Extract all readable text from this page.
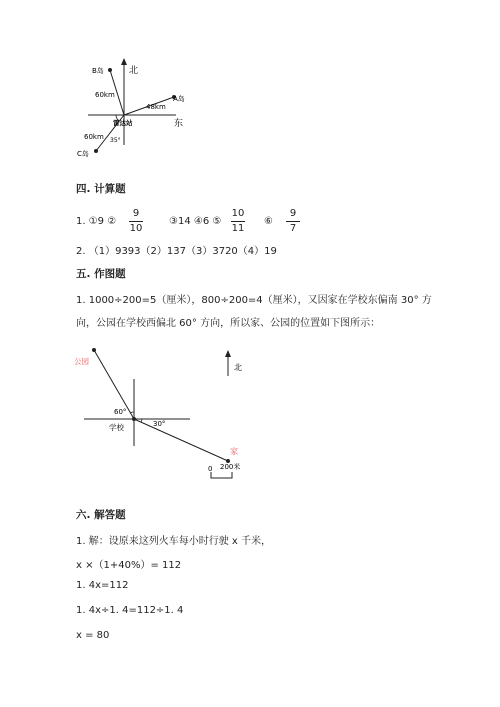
北
东
B岛
A岛
C岛
60km
48km
60km
雷达站
35°
四. 计算题
1. ①9 ②
9
10
③14 ④6 ⑤
10
11
⑥
9
7
2. （1）9393（2）137（3）3720（4）19
五. 作图题
1. 1000÷200=5（厘米），800÷200=4（厘米），又因家在学校东偏南 30° 方
向，公园在学校西偏北 60° 方向，所以家、公园的位置如下图所示：
公园
家
学校
北
60°
30°
0 200米
六. 解答题
1. 解：设原来这列火车每小时行驶 x 千米，
x ×（1+40%）= 112
1. 4x=112
1. 4x÷1. 4=112÷1. 4
x = 80
